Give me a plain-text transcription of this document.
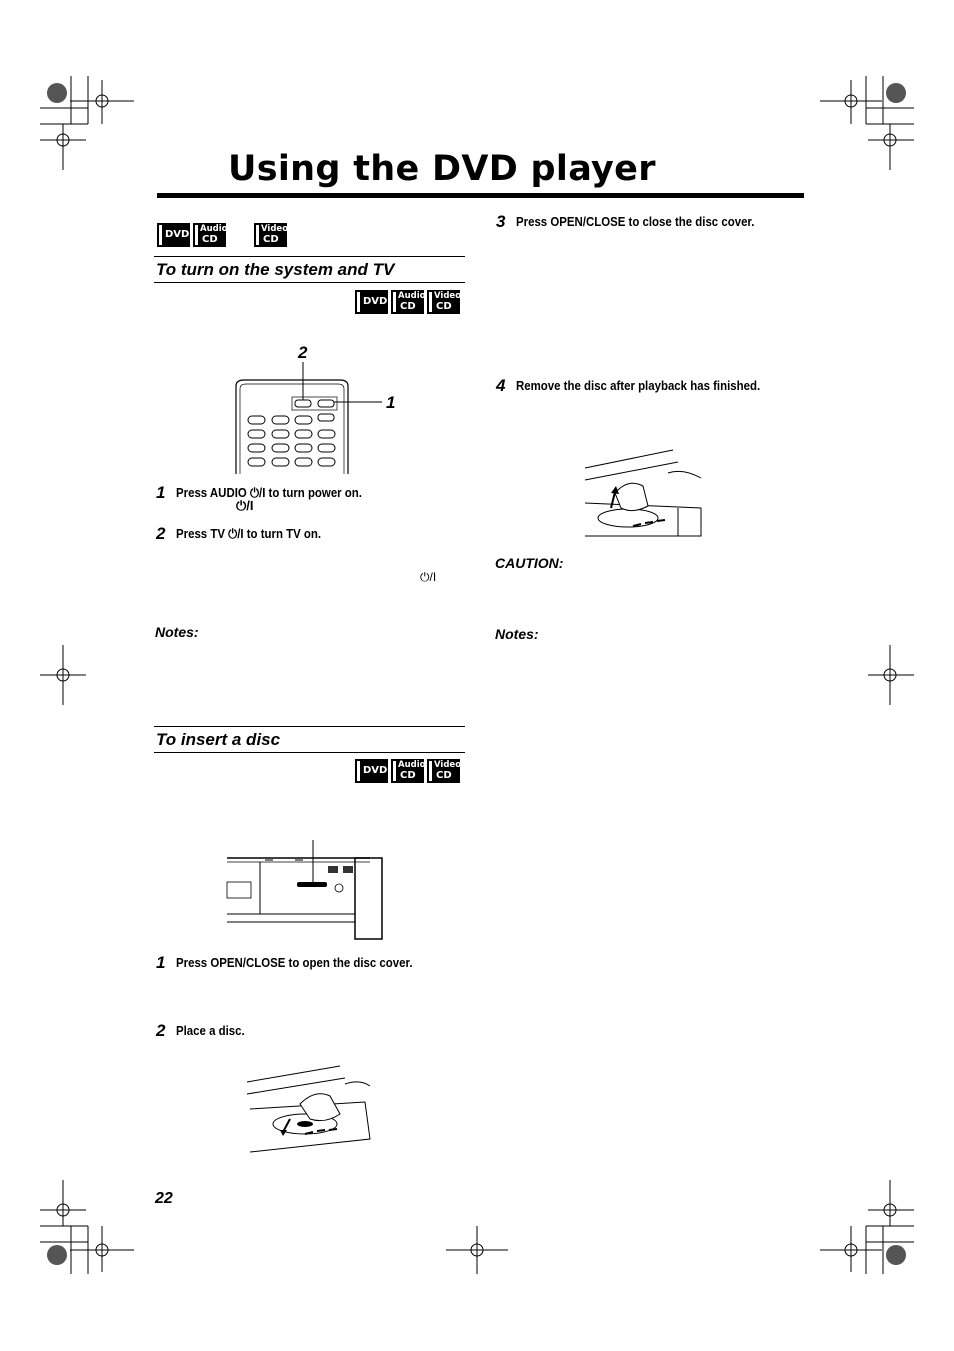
Using the DVD player
DVD Audio
CD
Video
CD
To turn on the system and TV
DVD Audio
CD
Video
CD
2
1
1 Press AUDIO ⏻/I to turn power on.
⏻/I
2 Press TV ⏻/I to turn TV on.
⏻/I
Notes:
To insert a disc
DVD Audio
CD
Video
CD
1 Press OPEN/CLOSE to open the disc cover.
2 Place a disc.
3 Press OPEN/CLOSE to close the disc cover.
4 Remove the disc after playback has finished.
CAUTION:
Notes:
22
